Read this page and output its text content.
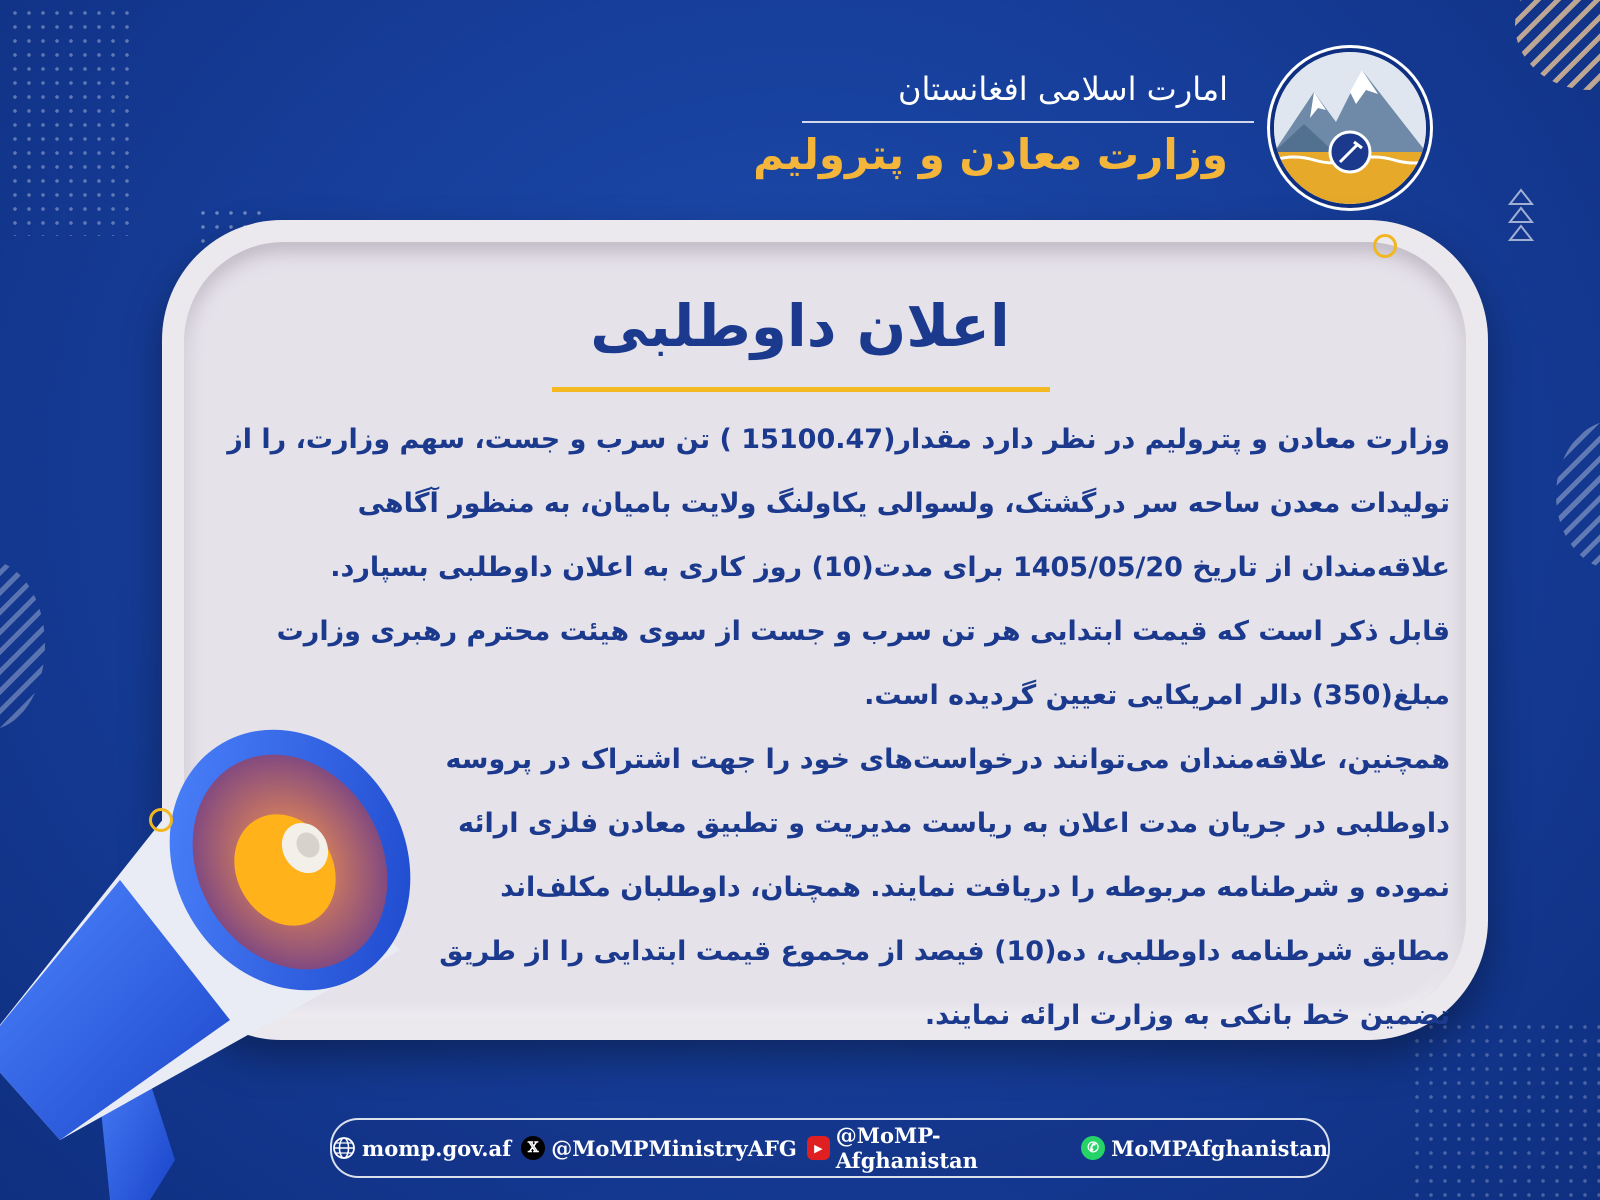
امارت اسلامی افغانستان
وزارت معادن و پترولیم
اعلان داوطلبی

وزارت معادن و پترولیم در نظر دارد مقدار(15100.47 ) تن سرب و جست، سهم وزارت، را از تولیدات معدن ساحه سر درگشتک، ولسوالی یکاولنگ ولایت بامیان، به منظور آگاهی علاقه‌مندان از تاریخ 1405/05/20 برای مدت(10) روز کاری به اعلان داوطلبی بسپارد.

قابل ذکر است که قیمت ابتدایی هر تن سرب و جست از سوی هیئت محترم رهبری وزارت مبلغ(350) دالر امریکایی تعیین گردیده است.

همچنین، علاقه‌مندان می‌توانند درخواست‌های خود را جهت اشتراک در پروسه داوطلبی در جریان مدت اعلان به ریاست مدیریت و تطبیق معادن فلزی ارائه نموده و شرطنامه مربوطه را دریافت نمایند. همچنان، داوطلبان مکلف‌اند مطابق شرطنامه داوطلبی، ده(10) فیصد از مجموع قیمت ابتدایی را از طریق تضمین خط بانکی به وزارت ارائه نمایند.

momp.gov.af	𝕏 @MoMPMinistryAFG	▶ @MoMP-Afghanistan	✆ MoMPAfghanistan
